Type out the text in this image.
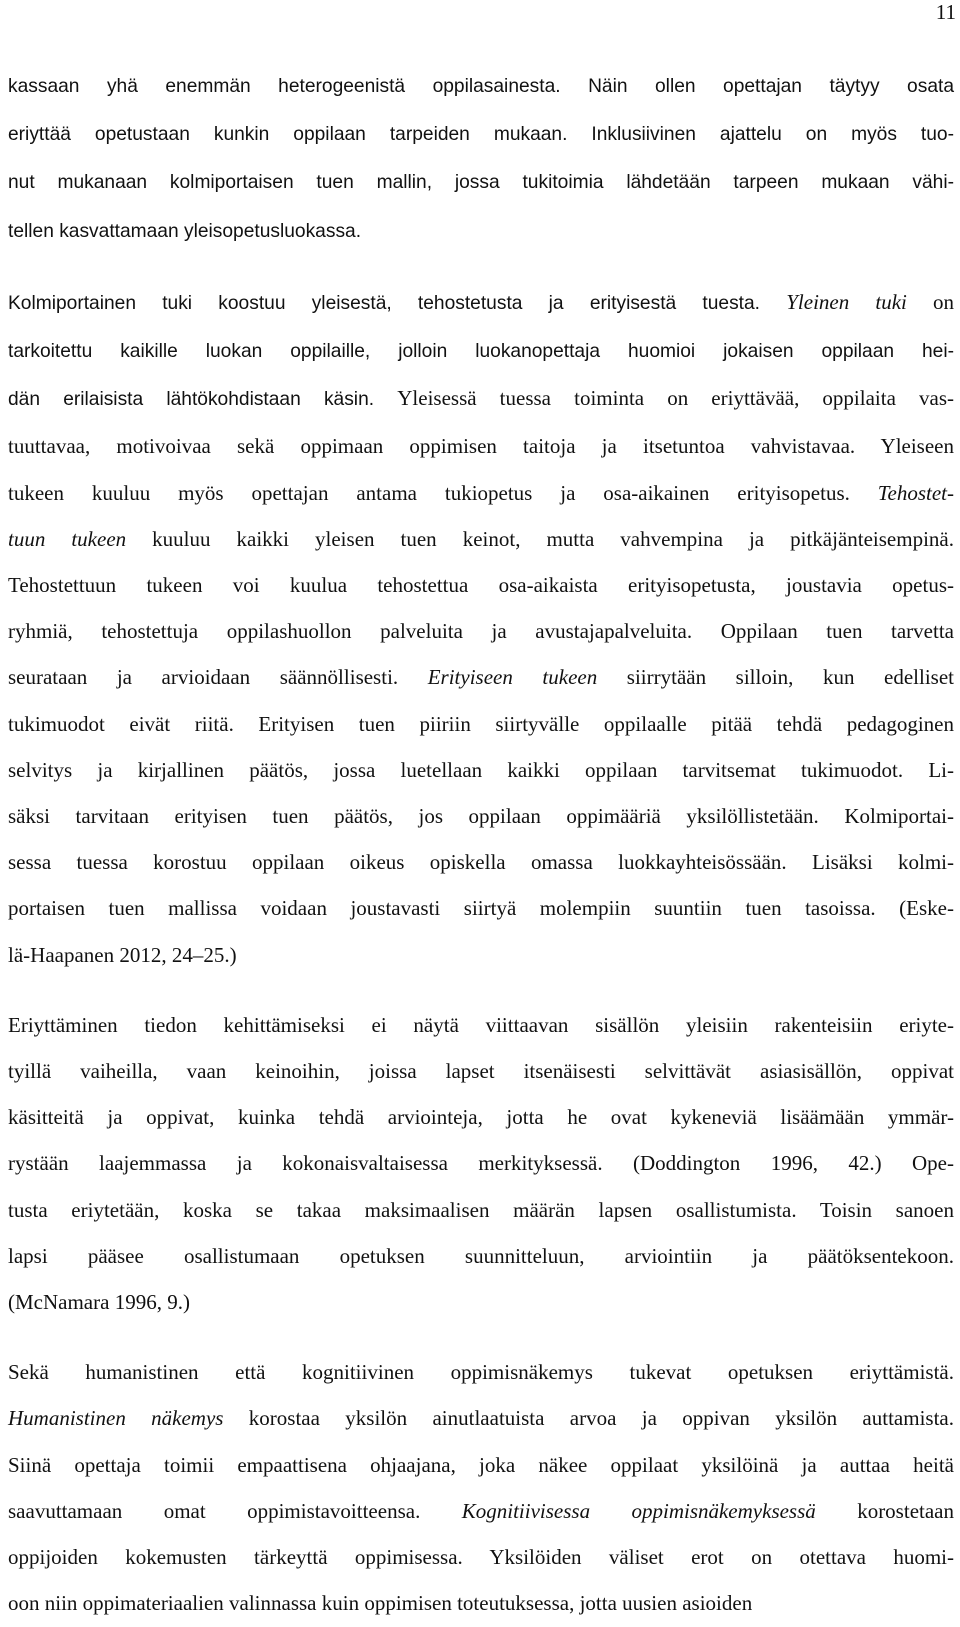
11

kassaan yhä enemmän heterogeenistä oppilasainesta. Näin ollen opettajan täytyy osata
eriyttää opetustaan kunkin oppilaan tarpeiden mukaan. Inklusiivinen ajattelu on myös tuo-
nut mukanaan kolmiportaisen tuen mallin, jossa tukitoimia lähdetään tarpeen mukaan vähi-
tellen kasvattamaan yleisopetusluokassa.

Kolmiportainen tuki koostuu yleisestä, tehostetusta ja erityisestä tuesta. Yleinen tuki on
tarkoitettu kaikille luokan oppilaille, jolloin luokanopettaja huomioi jokaisen oppilaan hei-
dän erilaisista lähtökohdistaan käsin. Yleisessä tuessa toiminta on eriyttävää, oppilaita vas-
tuuttavaa, motivoivaa sekä oppimaan oppimisen taitoja ja itsetuntoa vahvistavaa. Yleiseen
tukeen kuuluu myös opettajan antama tukiopetus ja osa-aikainen erityisopetus. Tehostet-
tuun tukeen kuuluu kaikki yleisen tuen keinot, mutta vahvempina ja pitkäjänteisempinä.
Tehostettuun tukeen voi kuulua tehostettua osa-aikaista erityisopetusta, joustavia opetus-
ryhmiä, tehostettuja oppilashuollon palveluita ja avustajapalveluita. Oppilaan tuen tarvetta
seurataan ja arvioidaan säännöllisesti. Erityiseen tukeen siirrytään silloin, kun edelliset
tukimuodot eivät riitä. Erityisen tuen piiriin siirtyvälle oppilaalle pitää tehdä pedagoginen
selvitys ja kirjallinen päätös, jossa luetellaan kaikki oppilaan tarvitsemat tukimuodot. Li-
säksi tarvitaan erityisen tuen päätös, jos oppilaan oppimääriä yksilöllistetään. Kolmiportai-
sessa tuessa korostuu oppilaan oikeus opiskella omassa luokkayhteisössään. Lisäksi kolmi-
portaisen tuen mallissa voidaan joustavasti siirtyä molempiin suuntiin tuen tasoissa. (Eske-
lä-Haapanen 2012, 24–25.)

Eriyttäminen tiedon kehittämiseksi ei näytä viittaavan sisällön yleisiin rakenteisiin eriyte-
tyillä vaiheilla, vaan keinoihin, joissa lapset itsenäisesti selvittävät asiasisällön, oppivat
käsitteitä ja oppivat, kuinka tehdä arviointeja, jotta he ovat kykeneviä lisäämään ymmär-
rystään laajemmassa ja kokonaisvaltaisessa merkityksessä. (Doddington 1996, 42.) Ope-
tusta eriytetään, koska se takaa maksimaalisen määrän lapsen osallistumista. Toisin sanoen
lapsi pääsee osallistumaan opetuksen suunnitteluun, arviointiin ja päätöksentekoon.
(McNamara 1996, 9.)

Sekä humanistinen että kognitiivinen oppimisnäkemys tukevat opetuksen eriyttämistä.
Humanistinen näkemys korostaa yksilön ainutlaatuista arvoa ja oppivan yksilön auttamista.
Siinä opettaja toimii empaattisena ohjaajana, joka näkee oppilaat yksilöinä ja auttaa heitä
saavuttamaan omat oppimistavoitteensa. Kognitiivisessa oppimisnäkemyksessä korostetaan
oppijoiden kokemusten tärkeyttä oppimisessa. Yksilöiden väliset erot on otettava huomi-
oon niin oppimateriaalien valinnassa kuin oppimisen toteutuksessa, jotta uusien asioiden
